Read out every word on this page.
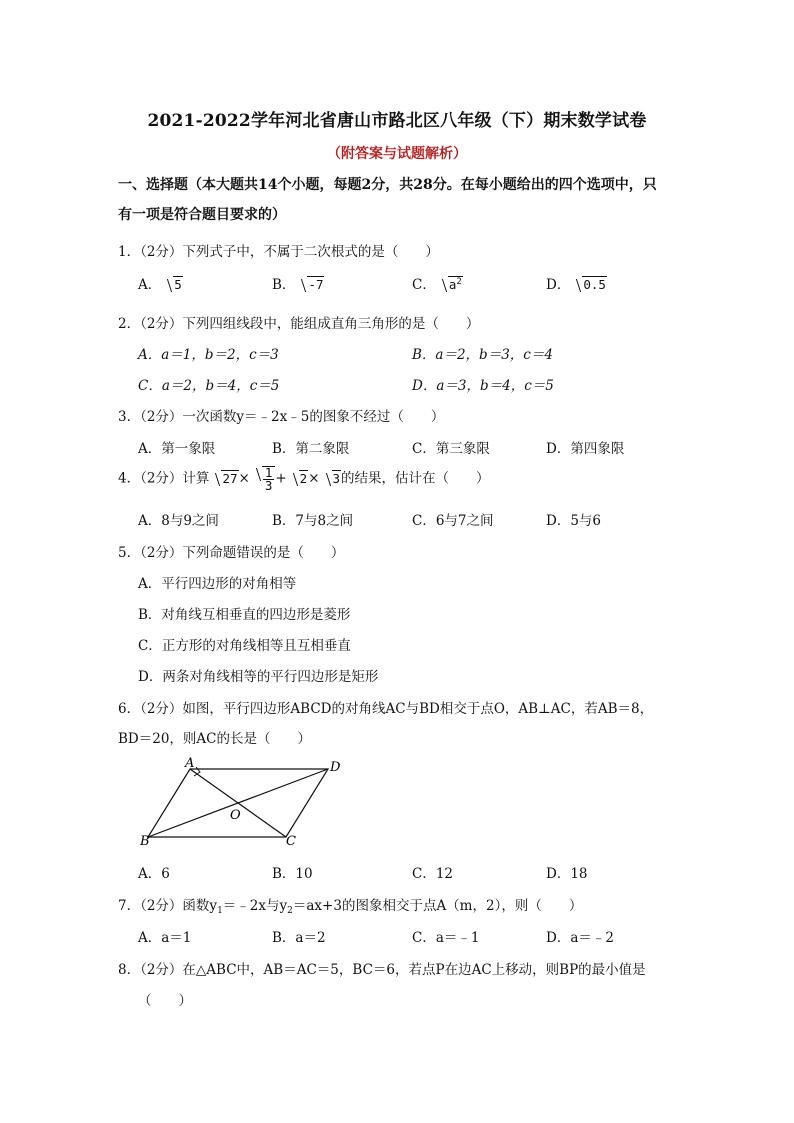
2021-2022学年河北省唐山市路北区八年级（下）期末数学试卷
（附答案与试题解析）
一、选择题（本大题共14个小题，每题2分，共28分。在每小题给出的四个选项中，只
有一项是符合题目要求的）
1．（2分）下列式子中，不属于二次根式的是（　　）
A． 5	B． -7	C． $a^2$	D． 0.5
2．（2分）下列四组线段中，能组成直角三角形的是（　　）
A．a＝1，b＝2，c＝3	B．a＝2，b＝3，c＝4
C．a＝2，b＝4，c＝5	D．a＝3，b＝4，c＝5
3．（2分）一次函数y＝﹣2x﹣5的图象不经过（　　）
A．第一象限	B．第二象限	C．第三象限	D．第四象限
4．（2分）计算 $27\times \frac{1}{3} + 2\times 3$的结果，估计在（　　）
A．8与9之间	B．7与8之间	C．6与7之间	D．5与6
5．（2分）下列命题错误的是（　　）
A．平行四边形的对角相等
B．对角线互相垂直的四边形是菱形
C．正方形的对角线相等且互相垂直
D．两条对角线相等的平行四边形是矩形
6．（2分）如图，平行四边形ABCD的对角线AC与BD相交于点O，AB⊥AC，若AB＝8，
BD＝20，则AC的长是（　　）
A	D
B	C
O
A．6	B．10	C．12	D．18
7．（2分）函数$y_1=﹣2x$与$y_2=ax+3$的图象相交于点A（m，2），则（　　）
A．a＝1	B．a＝2	C．a＝﹣1	D．a＝﹣2
8．（2分）在△ABC中，AB＝AC＝5，BC＝6，若点P在边AC上移动，则BP的最小值是
（　　）
